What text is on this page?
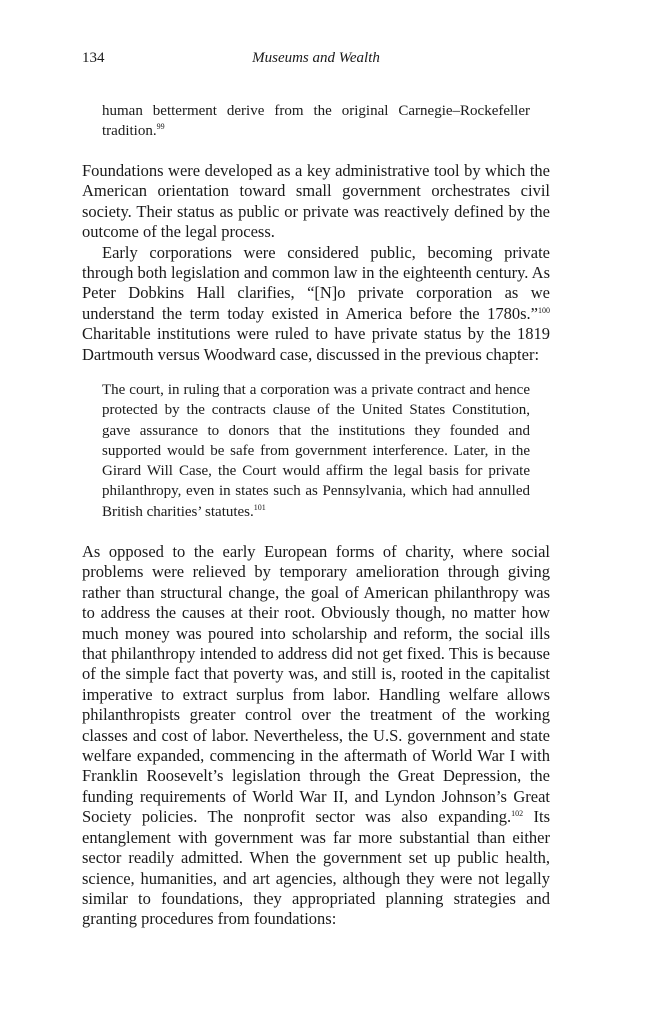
134	Museums and Wealth

human betterment derive from the original Carnegie–Rockefeller tradition.$^{99}$

Foundations were developed as a key administrative tool by which the American orientation toward small government orchestrates civil society. Their status as public or private was reactively defined by the outcome of the legal process.

Early corporations were considered public, becoming private through both legislation and common law in the eighteenth century. As Peter Dobkins Hall clarifies, “[N]o private corporation as we understand the term today existed in America before the 1780s.”$^{100}$ Charitable institutions were ruled to have private status by the 1819 Dartmouth versus Woodward case, discussed in the previous chapter:

The court, in ruling that a corporation was a private contract and hence protected by the contracts clause of the United States Constitution, gave assurance to donors that the institutions they founded and supported would be safe from government interference. Later, in the Girard Will Case, the Court would affirm the legal basis for private philanthropy, even in states such as Pennsylvania, which had annulled British charities’ statutes.$^{101}$

As opposed to the early European forms of charity, where social problems were relieved by temporary amelioration through giving rather than structural change, the goal of American philanthropy was to address the causes at their root. Obviously though, no matter how much money was poured into scholarship and reform, the social ills that philanthropy intended to address did not get fixed. This is because of the simple fact that poverty was, and still is, rooted in the capitalist imperative to extract surplus from labor. Handling welfare allows philanthropists greater control over the treatment of the working classes and cost of labor. Nevertheless, the U.S. government and state welfare expanded, commencing in the aftermath of World War I with Franklin Roosevelt’s legislation through the Great Depression, the funding requirements of World War II, and Lyndon Johnson’s Great Society policies. The nonprofit sector was also expanding.$^{102}$ Its entanglement with government was far more substantial than either sector readily admitted. When the government set up public health, science, humanities, and art agencies, although they were not legally similar to foundations, they appropriated planning strategies and granting procedures from foundations:
